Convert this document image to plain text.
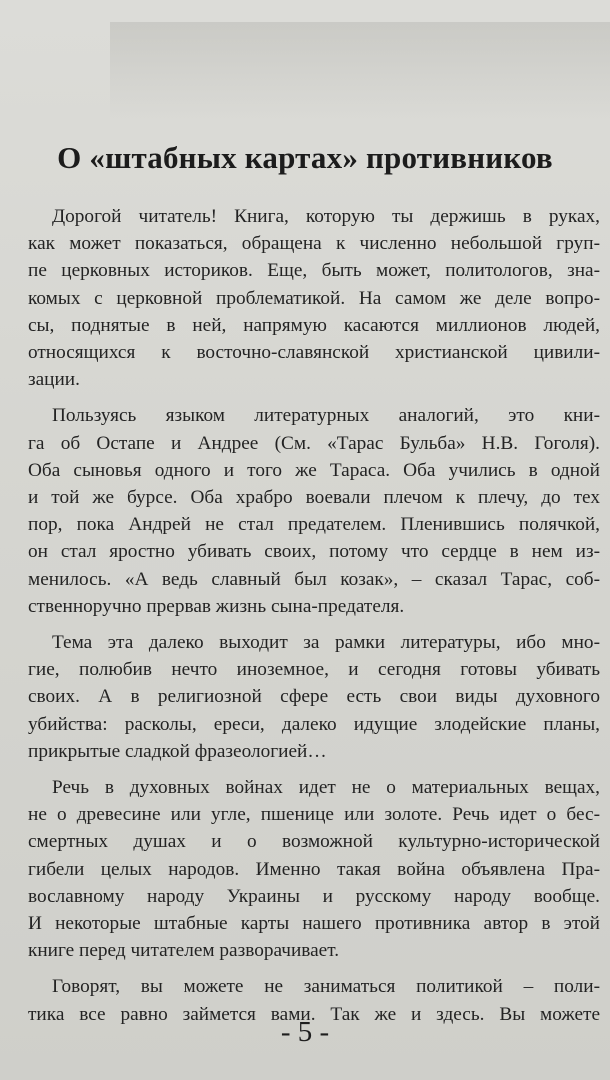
О «штабных картах» противников

Дорогой читатель! Книга, которую ты держишь в руках,
как может показаться, обращена к численно небольшой груп-
пе церковных историков. Еще, быть может, политологов, зна-
комых с церковной проблематикой. На самом же деле вопро-
сы, поднятые в ней, напрямую касаются миллионов людей,
относящихся к восточно-славянской христианской цивили-
зации.

Пользуясь языком литературных аналогий, это кни-
га об Остапе и Андрее (См. «Тарас Бульба» Н.В. Гоголя).
Оба сыновья одного и того же Тараса. Оба учились в одной
и той же бурсе. Оба храбро воевали плечом к плечу, до тех
пор, пока Андрей не стал предателем. Пленившись полячкой,
он стал яростно убивать своих, потому что сердце в нем из-
менилось. «А ведь славный был козак», – сказал Тарас, соб-
ственноручно прервав жизнь сына-предателя.

Тема эта далеко выходит за рамки литературы, ибо мно-
гие, полюбив нечто иноземное, и сегодня готовы убивать
своих. А в религиозной сфере есть свои виды духовного
убийства: расколы, ереси, далеко идущие злодейские планы,
прикрытые сладкой фразеологией…

Речь в духовных войнах идет не о материальных вещах,
не о древесине или угле, пшенице или золоте. Речь идет о бес-
смертных душах и о возможной культурно-исторической
гибели целых народов. Именно такая война объявлена Пра-
вославному народу Украины и русскому народу вообще.
И некоторые штабные карты нашего противника автор в этой
книге перед читателем разворачивает.

Говорят, вы можете не заниматься политикой – поли-
тика все равно займется вами. Так же и здесь. Вы можете

- 5 -
